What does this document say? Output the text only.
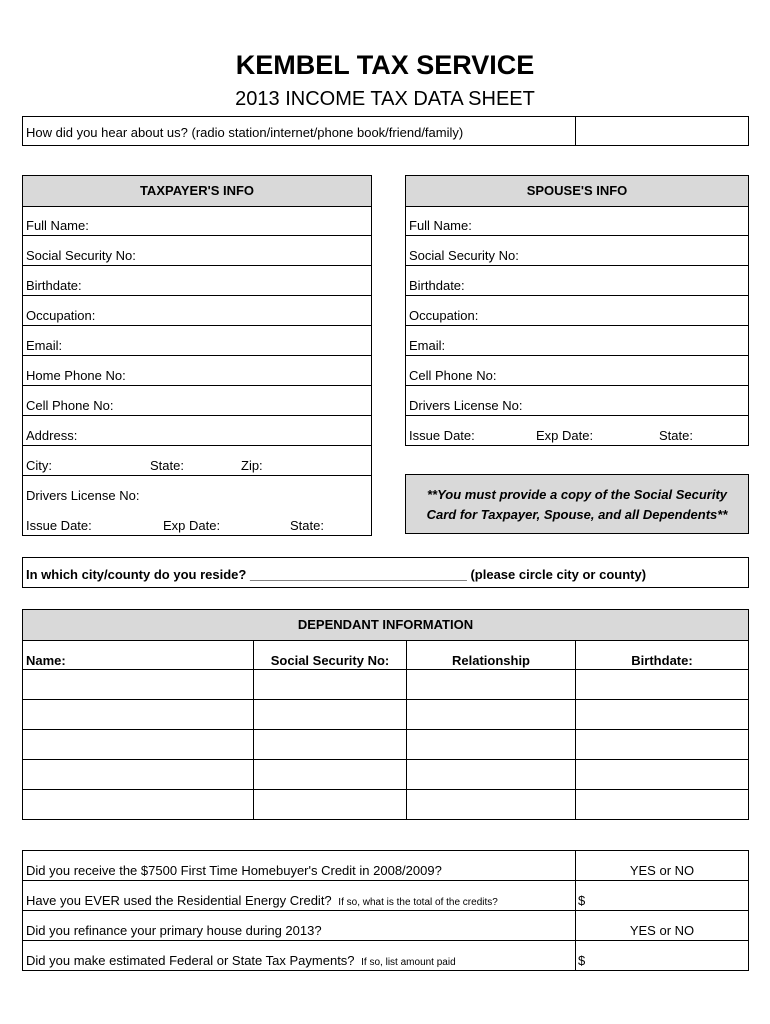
KEMBEL TAX SERVICE
2013 INCOME TAX DATA SHEET
How did you hear about us? (radio station/internet/phone book/friend/family)
TAXPAYER'S INFO
Full Name:
Social Security No:
Birthdate:
Occupation:
Email:
Home Phone No:
Cell Phone No:
Address:
City:	State:	Zip:
Drivers License No:
Issue Date:	Exp Date:	State:
SPOUSE'S INFO
Full Name:
Social Security No:
Birthdate:
Occupation:
Email:
Cell Phone No:
Drivers License No:
Issue Date:	Exp Date:	State:
**You must provide a copy of the Social Security
Card for Taxpayer, Spouse, and all Dependents**
In which city/county do you reside? ______________________________ (please circle city or county)
DEPENDANT INFORMATION
Name:	Social Security No:	Relationship	Birthdate:
Did you receive the $7500 First Time Homebuyer's Credit in 2008/2009?	YES or NO
Have you EVER used the Residential Energy Credit? If so, what is the total of the credits?	$
Did you refinance your primary house during 2013?	YES or NO
Did you make estimated Federal or State Tax Payments? If so, list amount paid	$
